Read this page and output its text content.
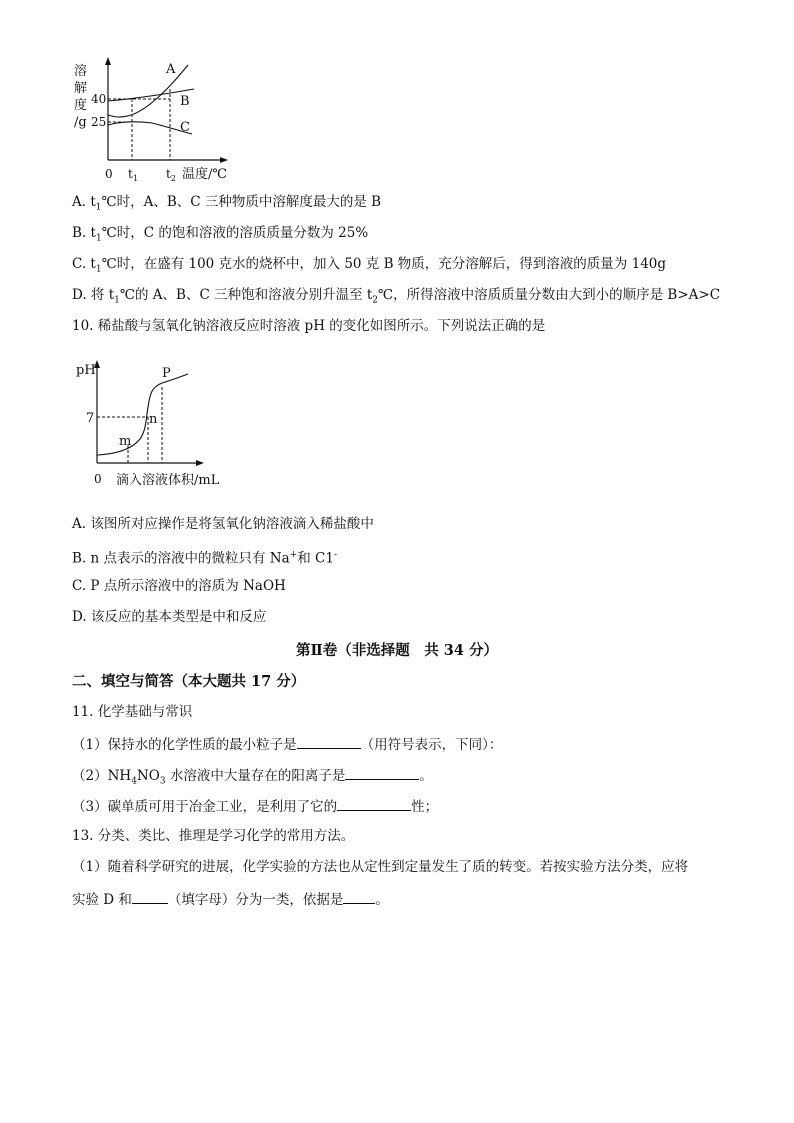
溶
解
度
/g
40
25
0 $t_1$ $t_2$ 温度/℃
A
B
C
A. $t_1℃$时，A、B、C 三种物质中溶解度最大的是 B
B. $t_1℃$时，C 的饱和溶液的溶质质量分数为 25%
C. $t_1℃$时，在盛有 100 克水的烧杯中，加入 50 克 B 物质，充分溶解后，得到溶液的质量为 140g
D. 将 $t_1℃$的 A、B、C 三种饱和溶液分别升温至 $t_2℃$，所得溶液中溶质质量分数由大到小的顺序是 B>A>C
10. 稀盐酸与氢氧化钠溶液反应时溶液 pH 的变化如图所示。下列说法正确的是
pH
7
0 滴入溶液体积/mL
m
n
P
A. 该图所对应操作是将氢氧化钠溶液滴入稀盐酸中
B. n 点表示的溶液中的微粒只有 Na+和 C1-
C. P 点所示溶液中的溶质为 NaOH
D. 该反应的基本类型是中和反应
第Ⅱ卷（非选择题　共 34 分）
二、填空与简答（本大题共 17 分）
11. 化学基础与常识
（1）保持水的化学性质的最小粒子是	（用符号表示，下同）：
$(2)NH_4NO_3$ 水溶液中大量存在的阳离子是	。
（3）碳单质可用于冶金工业，是利用了它的	性；
13. 分类、类比、推理是学习化学的常用方法。
（1）随着科学研究的进展，化学实验的方法也从定性到定量发生了质的转变。若按实验方法分类，应将
实验 D 和	（填字母）分为一类，依据是 。
